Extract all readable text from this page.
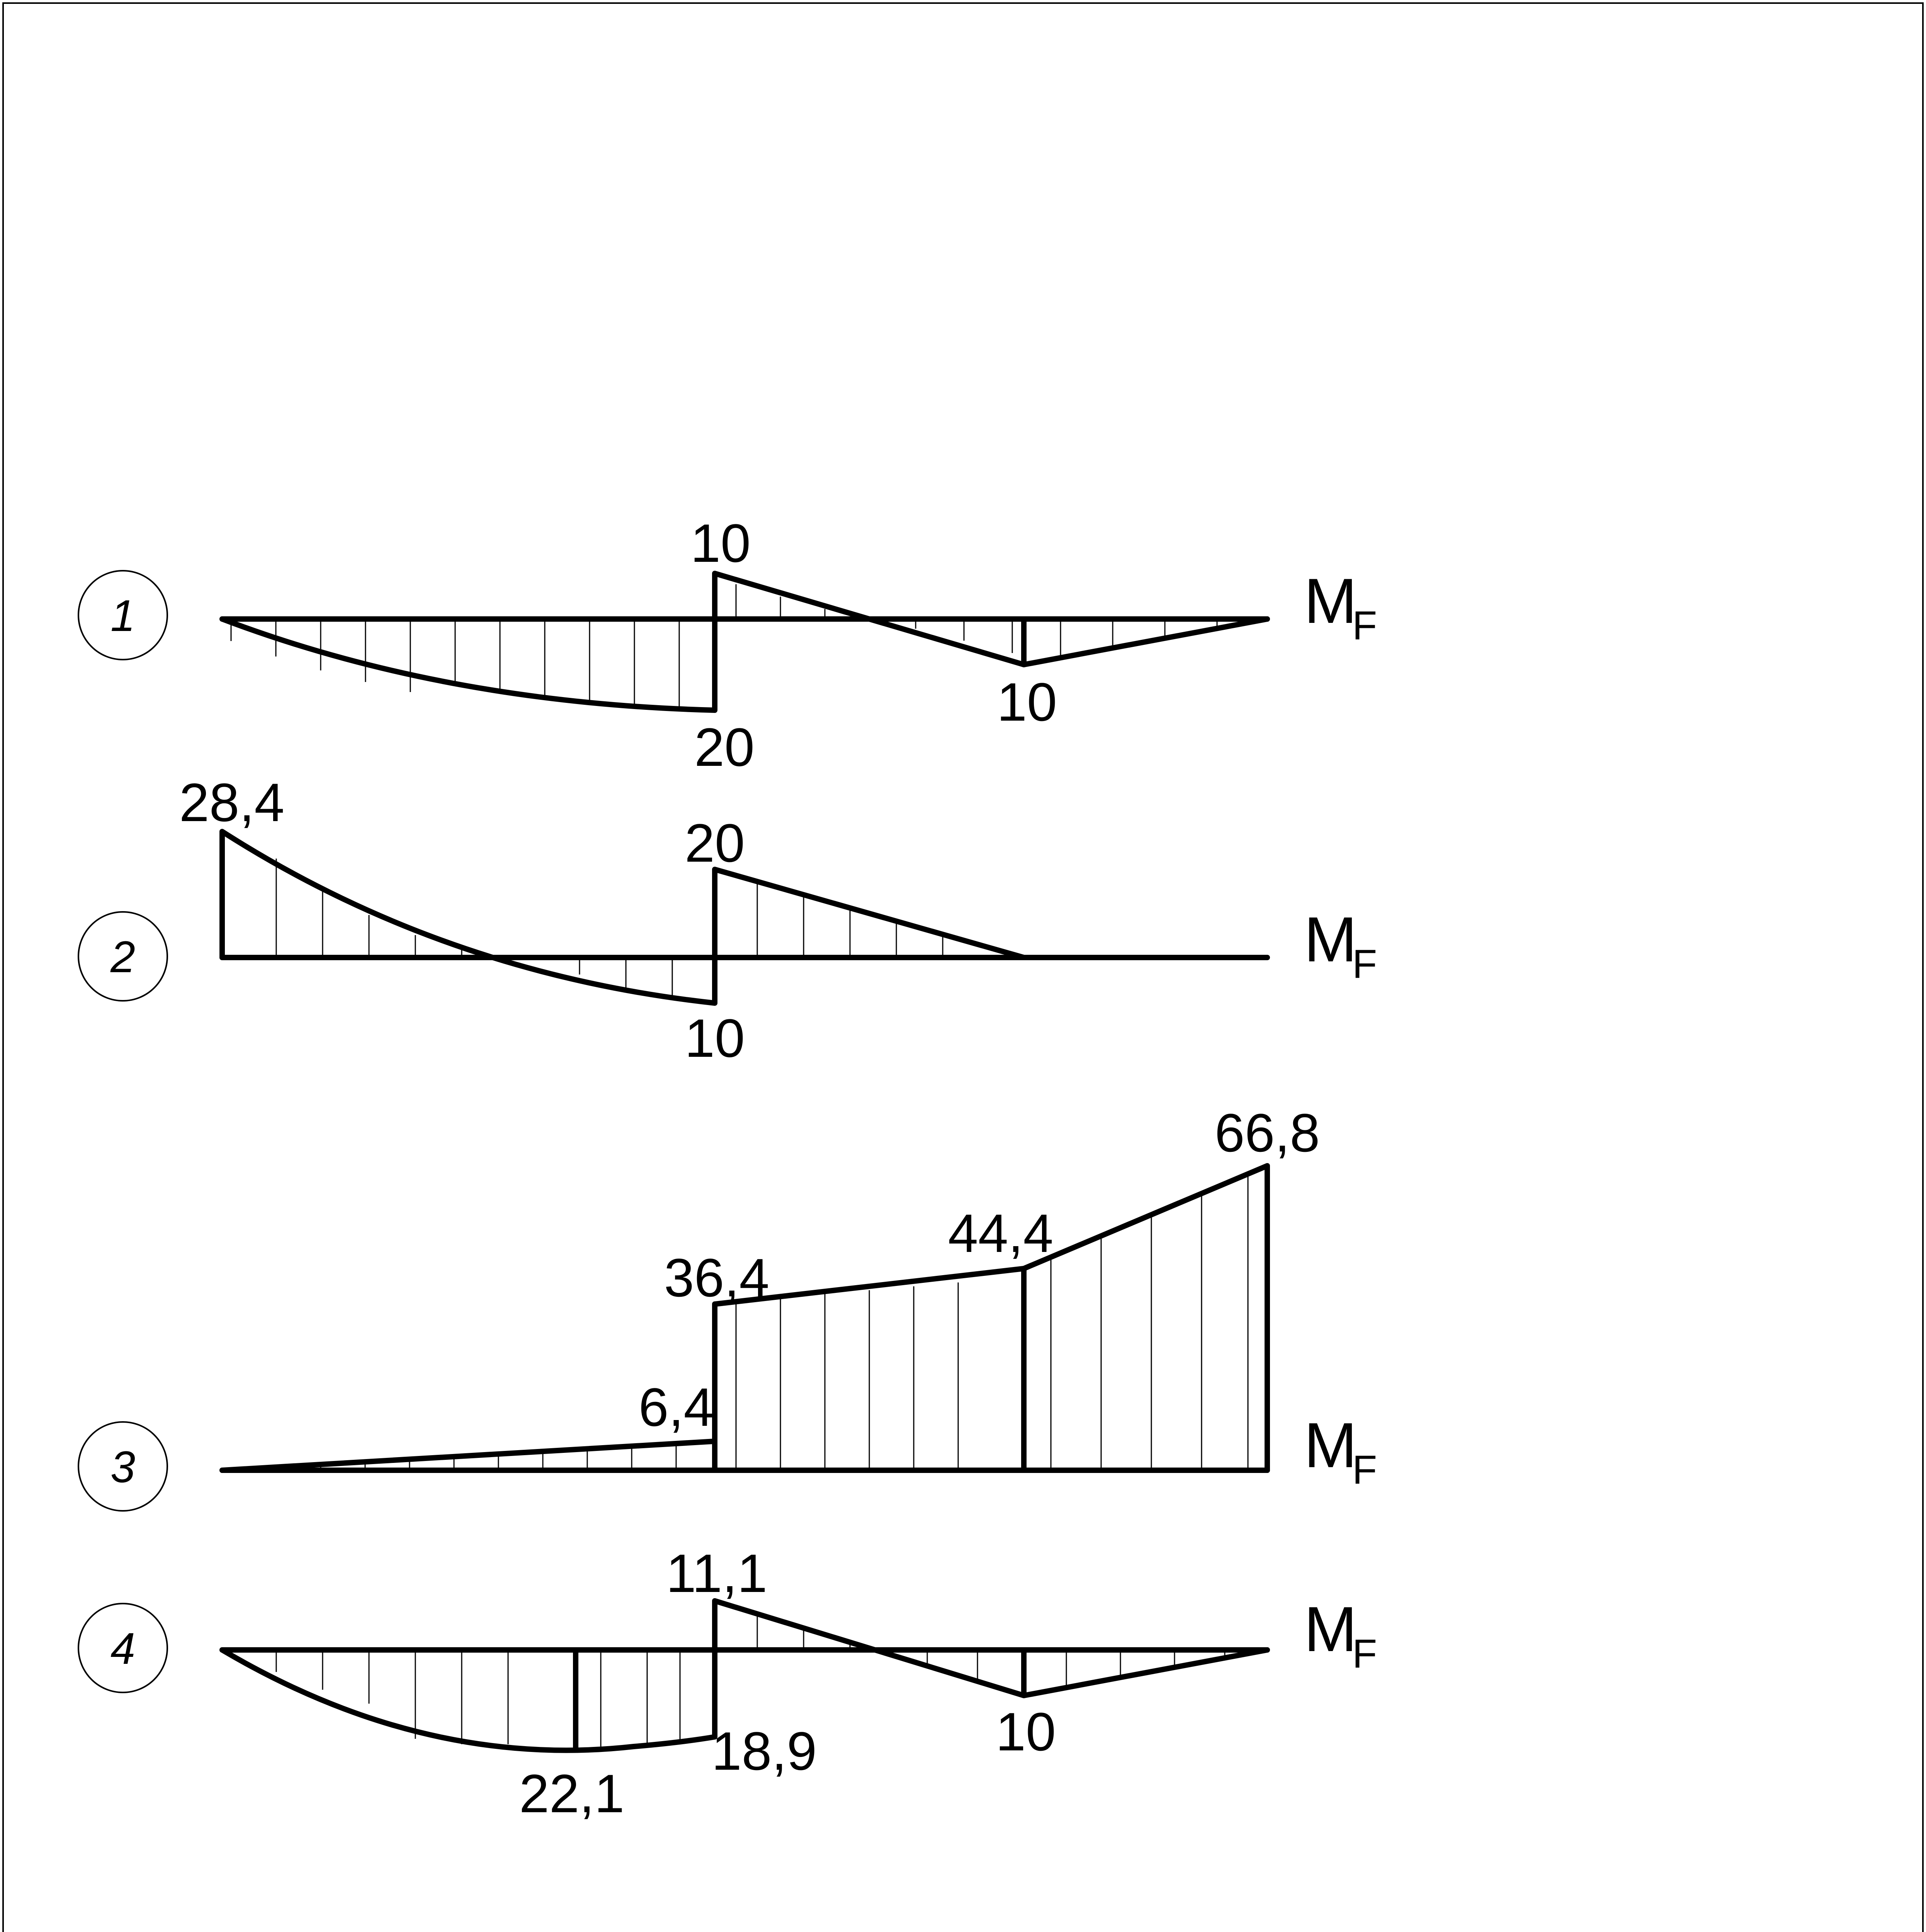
1
10
20
10
M
F
2
28,4
20
10
M
F
3
6,4
36,4
44,4
66,8
M
F
4
11,1
18,9
22,1
10
M
F
